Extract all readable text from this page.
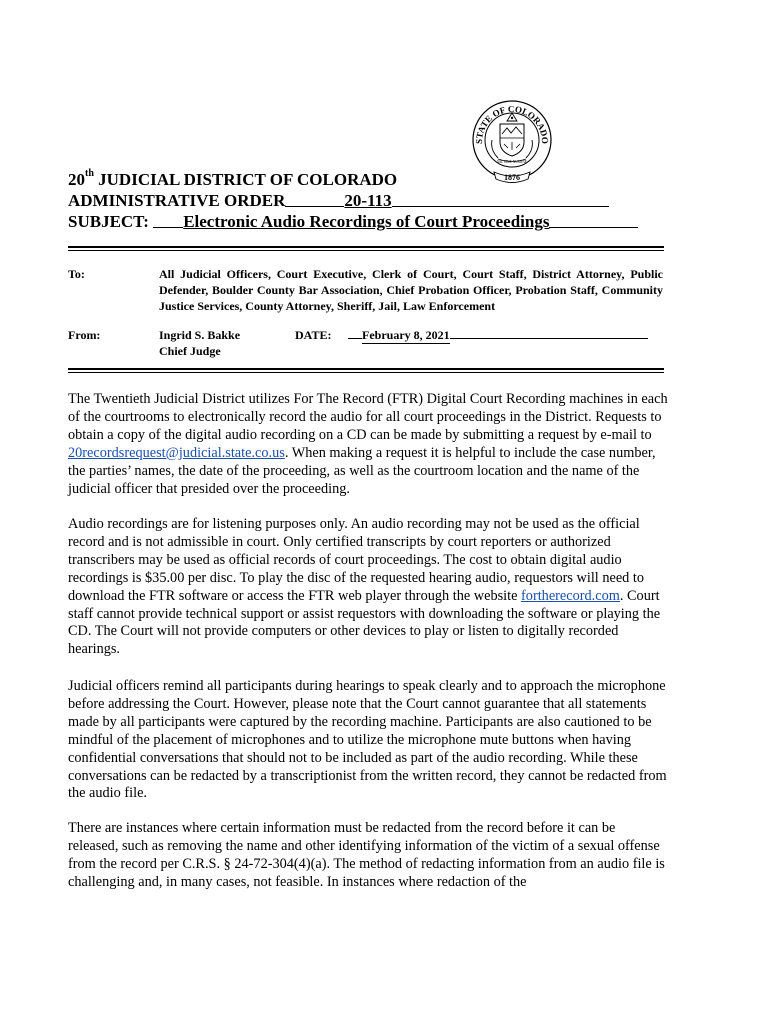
STATE OF COLORADO
NIL SINE NUMINE
1876
20th JUDICIAL DISTRICT OF COLORADO
ADMINISTRATIVE ORDER	20-113
SUBJECT: Electronic Audio Recordings of Court Proceedings
To:	All Judicial Officers, Court Executive, Clerk of Court, Court Staff, District Attorney, Public Defender, Boulder County Bar Association, Chief Probation Officer, Probation Staff, Community Justice Services, County Attorney, Sheriff, Jail, Law Enforcement
From:	Ingrid S. Bakke
Chief Judge
DATE:	February 8, 2021
The Twentieth Judicial District utilizes For The Record (FTR) Digital Court Recording machines in each of the courtrooms to electronically record the audio for all court proceedings in the District. Requests to obtain a copy of the digital audio recording on a CD can be made by submitting a request by e-mail to 20recordsrequest@judicial.state.co.us. When making a request it is helpful to include the case number, the parties’ names, the date of the proceeding, as well as the courtroom location and the name of the judicial officer that presided over the proceeding.
Audio recordings are for listening purposes only. An audio recording may not be used as the official record and is not admissible in court. Only certified transcripts by court reporters or authorized transcribers may be used as official records of court proceedings. The cost to obtain digital audio recordings is $35.00 per disc. To play the disc of the requested hearing audio, requestors will need to download the FTR software or access the FTR web player through the website fortherecord.com. Court staff cannot provide technical support or assist requestors with downloading the software or playing the CD. The Court will not provide computers or other devices to play or listen to digitally recorded hearings.
Judicial officers remind all participants during hearings to speak clearly and to approach the microphone before addressing the Court. However, please note that the Court cannot guarantee that all statements made by all participants were captured by the recording machine. Participants are also cautioned to be mindful of the placement of microphones and to utilize the microphone mute buttons when having confidential conversations that should not to be included as part of the audio recording. While these conversations can be redacted by a transcriptionist from the written record, they cannot be redacted from the audio file.
There are instances where certain information must be redacted from the record before it can be released, such as removing the name and other identifying information of the victim of a sexual offense from the record per C.R.S. § 24-72-304(4)(a). The method of redacting information from an audio file is challenging and, in many cases, not feasible. In instances where redaction of the
